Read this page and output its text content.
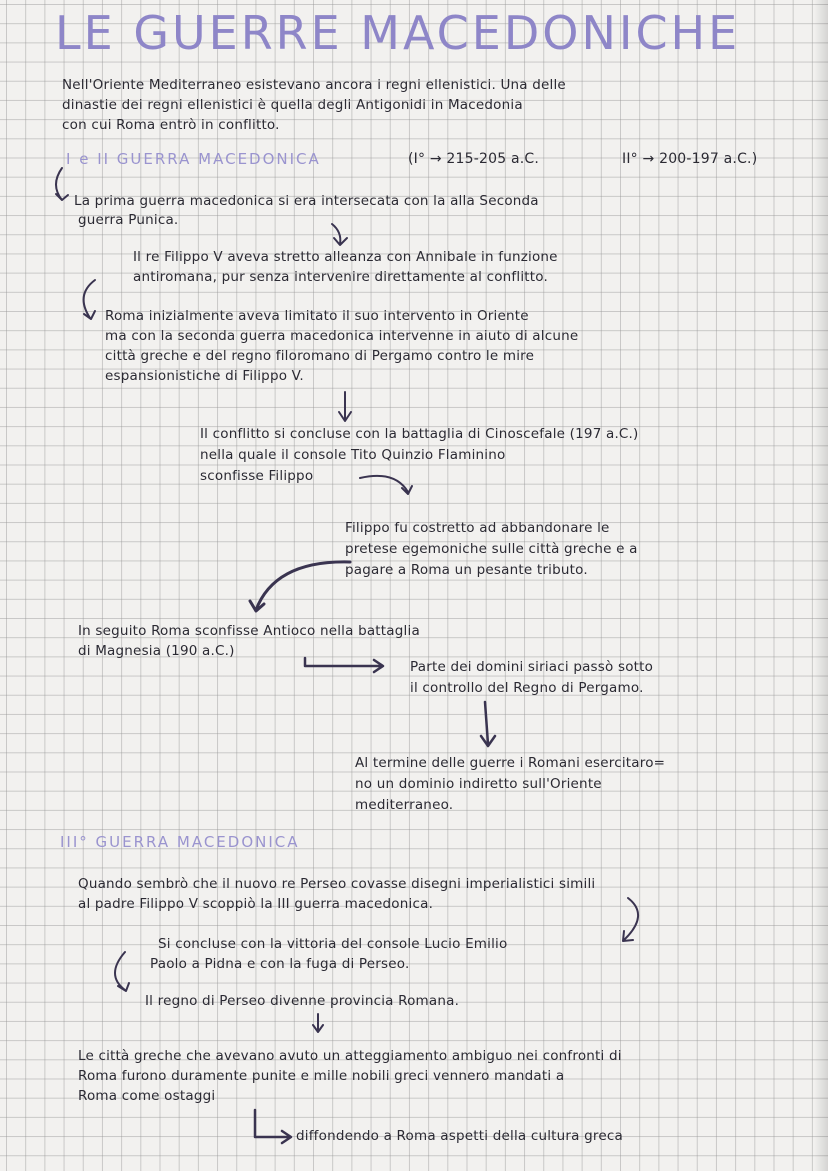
LE GUERRE MACEDONICHE
Nell'Oriente Mediterraneo esistevano ancora i regni ellenistici. Una delle
dinastie dei regni ellenistici è quella degli Antigonidi in Macedonia
con cui Roma entrò in conflitto.
I e II GUERRA MACEDONICA	(I° → 215-205 a.C.	II° → 200-197 a.C.)
La prima guerra macedonica si era intersecata con la alla Seconda
guerra Punica.
Il re Filippo V aveva stretto alleanza con Annibale in funzione
antiromana, pur senza intervenire direttamente al conflitto.
Roma inizialmente aveva limitato il suo intervento in Oriente
ma con la seconda guerra macedonica intervenne in aiuto di alcune
città greche e del regno filoromano di Pergamo contro le mire
espansionistiche di Filippo V.
Il conflitto si concluse con la battaglia di Cinoscefale (197 a.C.)
nella quale il console Tito Quinzio Flaminino
sconfisse Filippo
Filippo fu costretto ad abbandonare le
pretese egemoniche sulle città greche e a
pagare a Roma un pesante tributo.
In seguito Roma sconfisse Antioco nella battaglia
di Magnesia (190 a.C.)
Parte dei domini siriaci passò sotto
il controllo del Regno di Pergamo.
Al termine delle guerre i Romani esercitaro=
no un dominio indiretto sull'Oriente
mediterraneo.
III° GUERRA MACEDONICA
Quando sembrò che il nuovo re Perseo covasse disegni imperialistici simili
al padre Filippo V scoppiò la III guerra macedonica.
Si concluse con la vittoria del console Lucio Emilio
Paolo a Pidna e con la fuga di Perseo.
Il regno di Perseo divenne provincia Romana.
Le città greche che avevano avuto un atteggiamento ambiguo nei confronti di
Roma furono duramente punite e mille nobili greci vennero mandati a
Roma come ostaggi
diffondendo a Roma aspetti della cultura greca
